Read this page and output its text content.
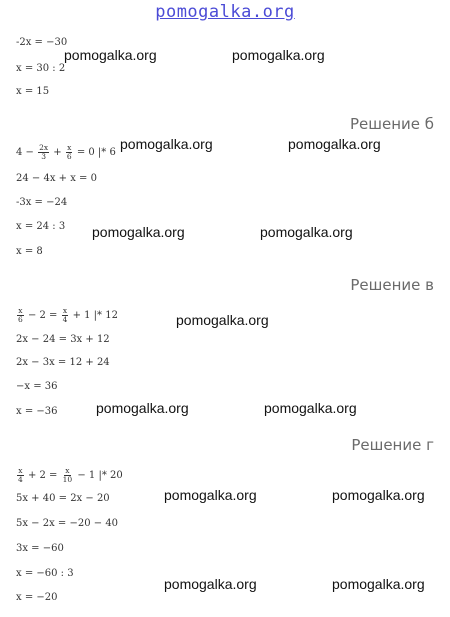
pomogalka.org
-2x = −30
x = 30 : 2
x = 15
Решение б
$4 - \frac{2x}{3} + \frac{x}{6} = 0$ |* 6
24 − 4x + x = 0
-3x = −24
x = 24 : 3
x = 8
Решение в
$\frac{x}{6} - 2 = \frac{x}{4} + 1$ |* 12
2x − 24 = 3x + 12
2x − 3x = 12 + 24
−x = 36
x = −36
Решение г
$\frac{x}{4} + 2 = \frac{x}{10} - 1$ |* 20
5x + 40 = 2x − 20
5x − 2x = −20 − 40
3x = −60
x = −60 : 3
x = −20
pomogalka.org	pomogalka.org
pomogalka.org	pomogalka.org
pomogalka.org	pomogalka.org
pomogalka.org
pomogalka.org	pomogalka.org
pomogalka.org	pomogalka.org
pomogalka.org	pomogalka.org
